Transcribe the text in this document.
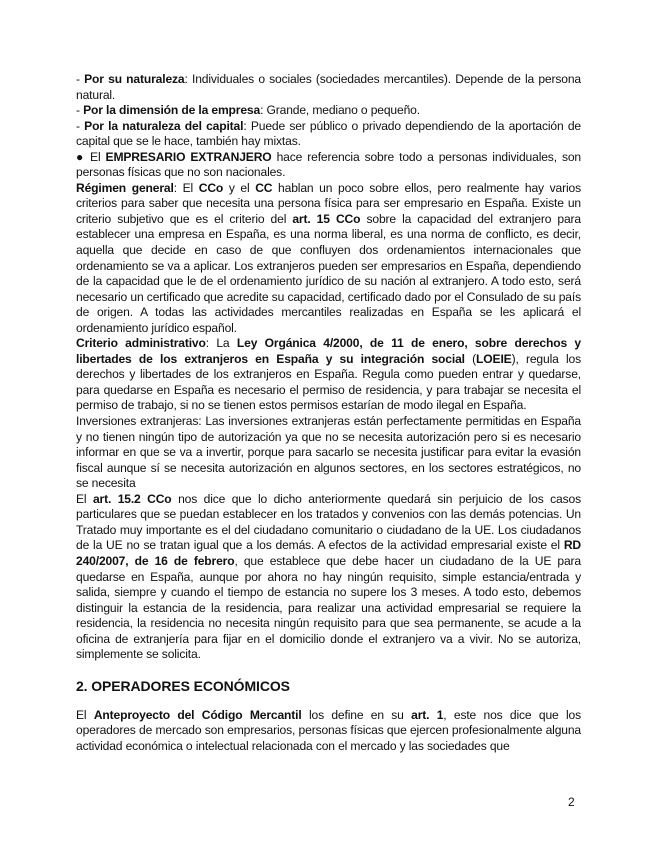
- Por su naturaleza: Individuales o sociales (sociedades mercantiles). Depende de la persona natural.

- Por la dimensión de la empresa: Grande, mediano o pequeño.

- Por la naturaleza del capital: Puede ser público o privado dependiendo de la aportación de capital que se le hace, también hay mixtas.

● El EMPRESARIO EXTRANJERO hace referencia sobre todo a personas individuales, son personas físicas que no son nacionales.

Régimen general: El CCo y el CC hablan un poco sobre ellos, pero realmente hay varios criterios para saber que necesita una persona física para ser empresario en España. Existe un criterio subjetivo que es el criterio del art. 15 CCo sobre la capacidad del extranjero para establecer una empresa en España, es una norma liberal, es una norma de conflicto, es decir, aquella que decide en caso de que confluyen dos ordenamientos internacionales que ordenamiento se va a aplicar. Los extranjeros pueden ser empresarios en España, dependiendo de la capacidad que le de el ordenamiento jurídico de su nación al extranjero. A todo esto, será necesario un certificado que acredite su capacidad, certificado dado por el Consulado de su país de origen. A todas las actividades mercantiles realizadas en España se les aplicará el ordenamiento jurídico español.

Criterio administrativo: La Ley Orgánica 4/2000, de 11 de enero, sobre derechos y libertades de los extranjeros en España y su integración social (LOEIE), regula los derechos y libertades de los extranjeros en España. Regula como pueden entrar y quedarse, para quedarse en España es necesario el permiso de residencia, y para trabajar se necesita el permiso de trabajo, si no se tienen estos permisos estarían de modo ilegal en España.

Inversiones extranjeras: Las inversiones extranjeras están perfectamente permitidas en España y no tienen ningún tipo de autorización ya que no se necesita autorización pero si es necesario informar en que se va a invertir, porque para sacarlo se necesita justificar para evitar la evasión fiscal aunque sí se necesita autorización en algunos sectores, en los sectores estratégicos, no se necesita

El art. 15.2 CCo nos dice que lo dicho anteriormente quedará sin perjuicio de los casos particulares que se puedan establecer en los tratados y convenios con las demás potencias. Un Tratado muy importante es el del ciudadano comunitario o ciudadano de la UE. Los ciudadanos de la UE no se tratan igual que a los demás. A efectos de la actividad empresarial existe el RD 240/2007, de 16 de febrero, que establece que debe hacer un ciudadano de la UE para quedarse en España, aunque por ahora no hay ningún requisito, simple estancia/entrada y salida, siempre y cuando el tiempo de estancia no supere los 3 meses. A todo esto, debemos distinguir la estancia de la residencia, para realizar una actividad empresarial se requiere la residencia, la residencia no necesita ningún requisito para que sea permanente, se acude a la oficina de extranjería para fijar en el domicilio donde el extranjero va a vivir. No se autoriza, simplemente se solicita.

2. OPERADORES ECONÓMICOS

El Anteproyecto del Código Mercantil los define en su art. 1, este nos dice que los operadores de mercado son empresarios, personas físicas que ejercen profesionalmente alguna actividad económica o intelectual relacionada con el mercado y las sociedades que

2
